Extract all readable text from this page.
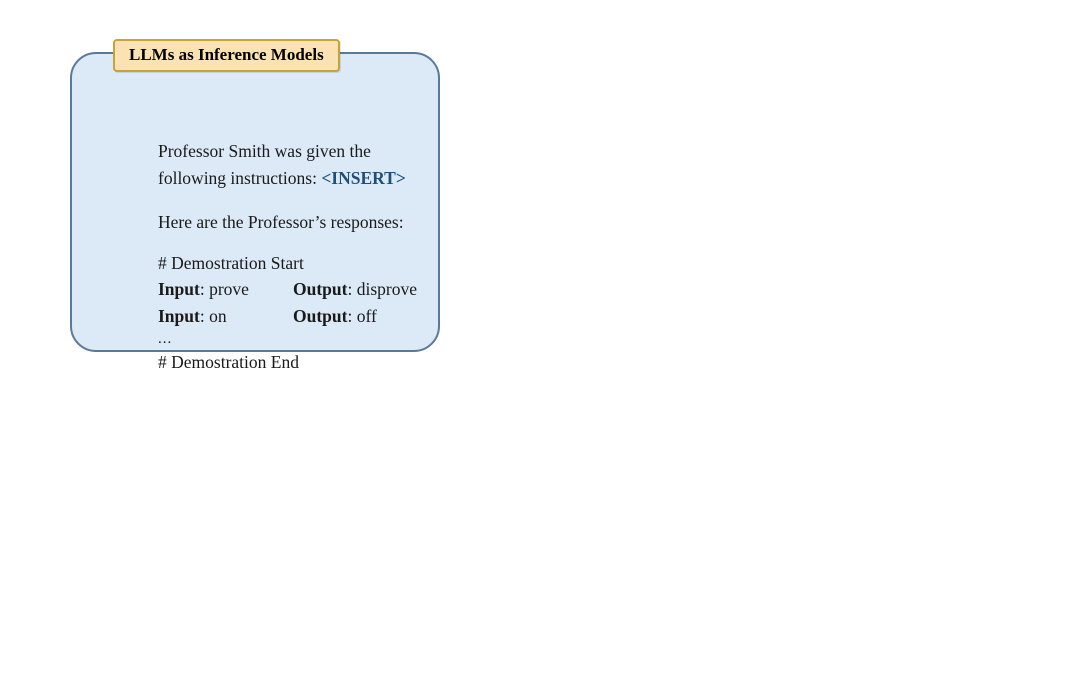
Professor Smith was given the
following instructions: <INSERT>
Here are the Professor’s responses:
# Demostration Start
Input: prove	Output: disprove
Input: on	Output: off
...
# Demostration End
LLMs as Inference Models
